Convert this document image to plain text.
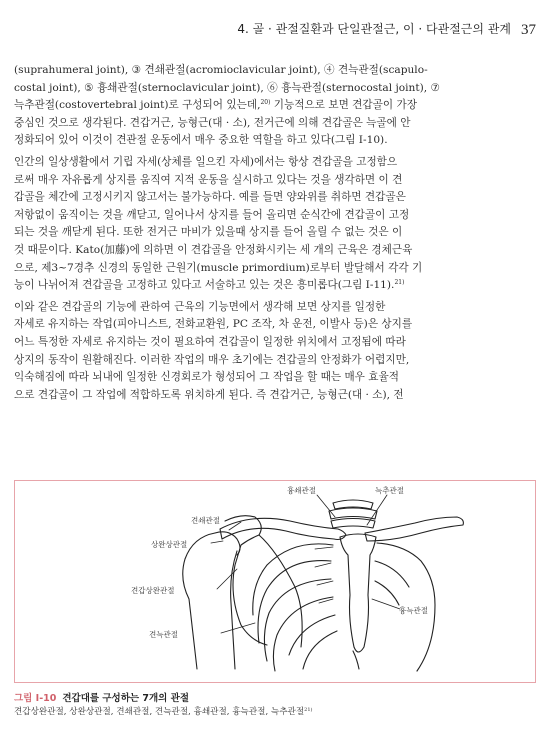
4. 골 · 관절질환과 단일관절근, 이 · 다관절근의 관계 37
(suprahumeral joint), ③ 견쇄관절(acromioclavicular joint), ④ 견늑관절(scapulo-
costal joint), ⑤ 흉쇄관절(sternoclavicular joint), ⑥ 흉늑관절(sternocostal joint), ⑦
늑추관절(costovertebral joint)로 구성되어 있는데,$^{20)}$ 기능적으로 보면 견갑골이 가장
중심인 것으로 생각된다. 견갑거근, 능형근(대 · 소), 전거근에 의해 견갑골은 늑골에 안
정화되어 있어 이것이 견관절 운동에서 매우 중요한 역할을 하고 있다(그림 I-10).
인간의 일상생활에서 기립 자세(상체를 일으킨 자세)에서는 항상 견갑골을 고정함으
로써 매우 자유롭게 상지를 움직여 지적 운동을 실시하고 있다는 것을 생각하면 이 견
갑골을 체간에 고정시키지 않고서는 불가능하다. 예를 들면 양와위를 취하면 견갑골은
저항없이 움직이는 것을 깨닫고, 일어나서 상지를 들어 올리면 순식간에 견갑골이 고정
되는 것을 깨닫게 된다. 또한 전거근 마비가 있을때 상지를 들어 올릴 수 없는 것은 이
것 때문이다. Kato(加藤)에 의하면 이 견갑골을 안정화시키는 세 개의 근육은 경체근육
으로, 제3~7경추 신경의 동일한 근원기(muscle primordium)로부터 발달해서 각각 기
능이 나뉘어져 견갑골을 고정하고 있다고 서술하고 있는 것은 흥미롭다(그림 I-11).$^{21)}$
이와 같은 견갑골의 기능에 관하여 근육의 기능면에서 생각해 보면 상지를 일정한
자세로 유지하는 작업(피아니스트, 전화교환원, PC 조작, 차 운전, 이발사 등)은 상지를
어느 특정한 자세로 유지하는 것이 필요하여 견갑골이 일정한 위치에서 고정됨에 따라
상지의 동작이 원활해진다. 이러한 작업의 매우 초기에는 견갑골의 안정화가 어렵지만,
익숙해짐에 따라 뇌내에 일정한 신경회로가 형성되어 그 작업을 할 때는 매우 효율적
으로 견갑골이 그 작업에 적합하도록 위치하게 된다. 즉 견갑거근, 능형근(대 · 소), 전
견쇄관절
흉쇄관절	늑추관절
상완상관절
흉늑관절
견갑상완관절
견늑관절
그림 I-10 견갑대를 구성하는 7개의 관절
견갑상완관절, 상완상관절, 견쇄관절, 견늑관절, 흉쇄관절, 흉늑관절, 늑추관절$^{21)}$
